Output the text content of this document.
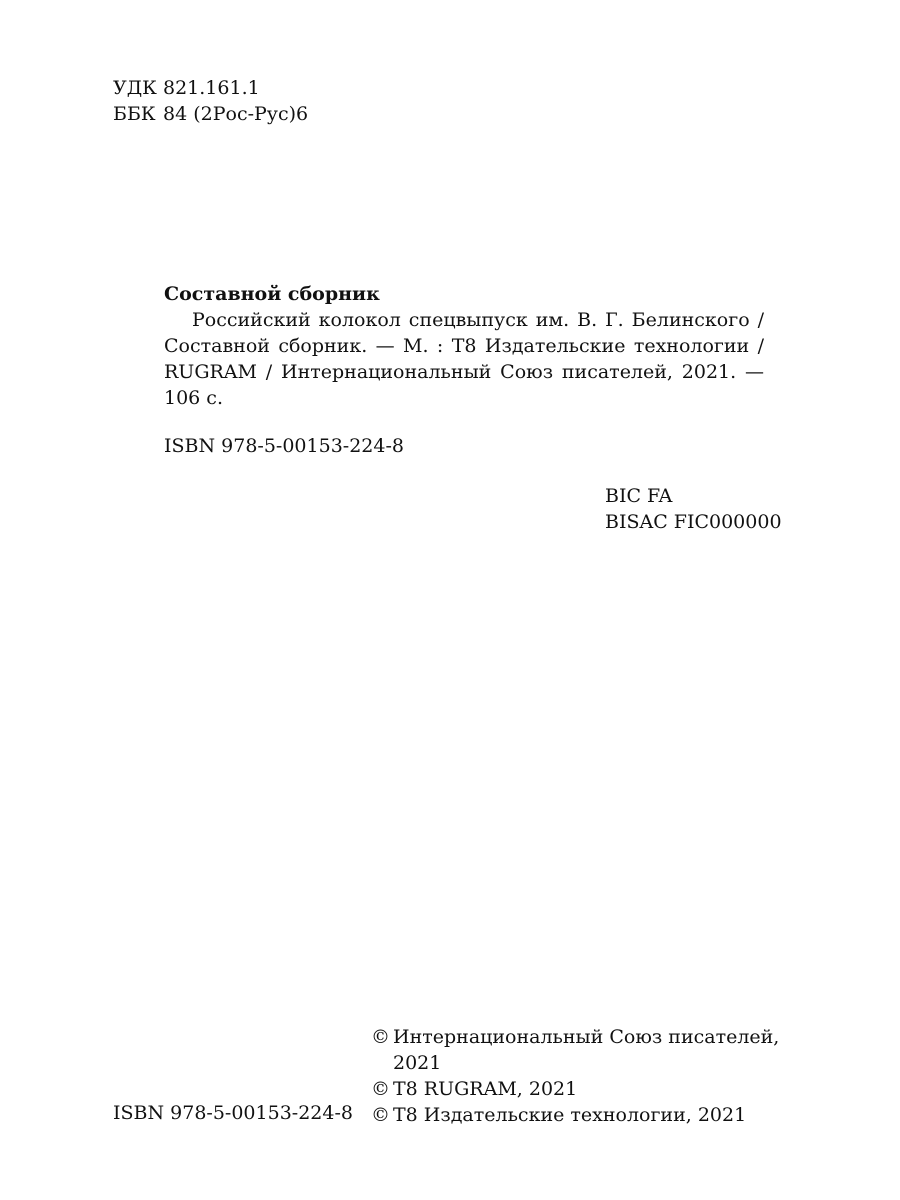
УДК 821.161.1
ББК 84 (2Рос-Рус)6
Составной сборник

Российский колокол спецвыпуск им. В. Г. Белинского / Составной сборник. — М. : Т8 Издательские технологии / RUGRAM / Интернациональный Союз писателей, 2021. — 106 с.

ISBN 978-5-00153-224-8
BIC FA
BISAC FIC000000
ISBN 978-5-00153-224-8
© Интернациональный Союз писателей, 2021
© Т8 RUGRAM, 2021
© Т8 Издательские технологии, 2021
